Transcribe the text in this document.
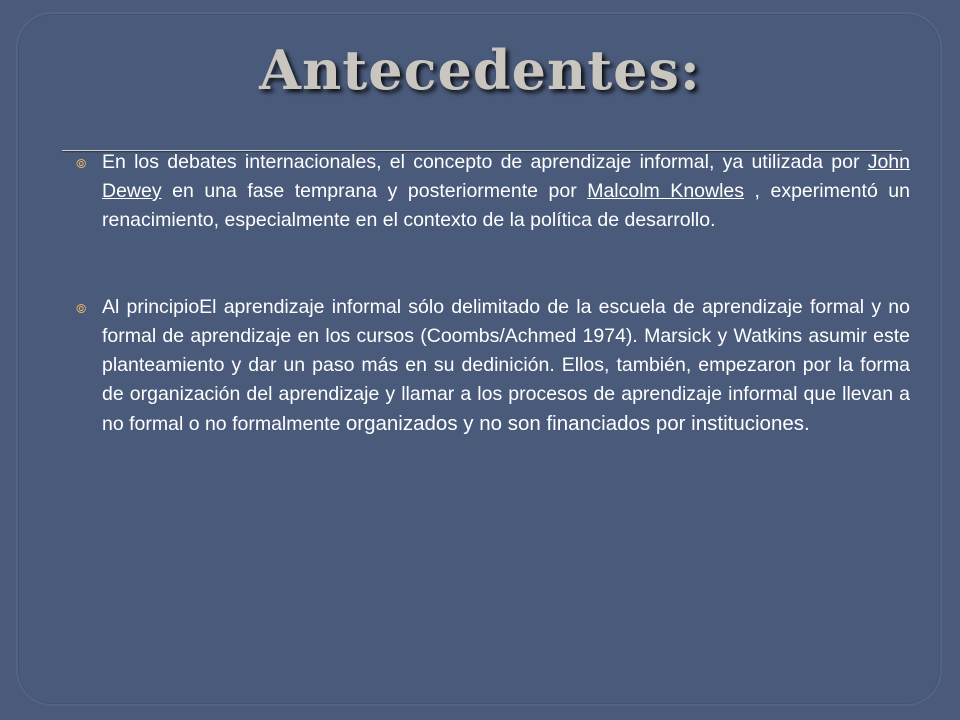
Antecedentes:

⦾ En los debates internacionales, el concepto de aprendizaje informal, ya utilizada por John Dewey en una fase temprana y posteriormente por Malcolm Knowles , experimentó un renacimiento, especialmente en el contexto de la política de desarrollo.

⦾ Al principioEl aprendizaje informal sólo delimitado de la escuela de aprendizaje formal y no formal de aprendizaje en los cursos (Coombs/Achmed 1974). Marsick y Watkins asumir este planteamiento y dar un paso más en su dedinición. Ellos, también, empezaron por la forma de organización del aprendizaje y llamar a los procesos de aprendizaje informal que llevan a no formal o no formalmente organizados y no son financiados por instituciones.
